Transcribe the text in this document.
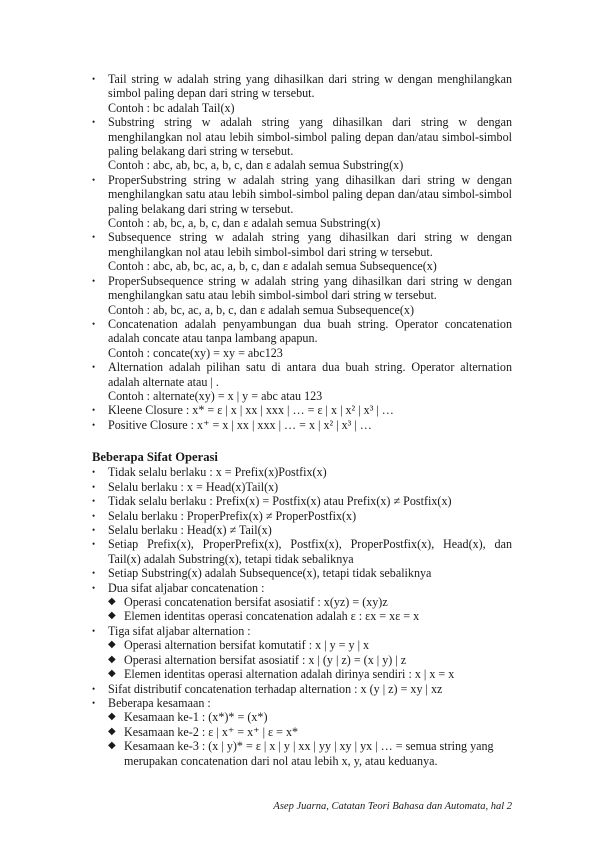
•	Tail string w adalah string yang dihasilkan dari string w dengan menghilangkan simbol paling depan dari string w tersebut.
Contoh : bc adalah Tail(x)
•	Substring string w adalah string yang dihasilkan dari string w dengan menghilangkan nol atau lebih simbol-simbol paling depan dan/atau simbol-simbol paling belakang dari string w tersebut.
Contoh : abc, ab, bc, a, b, c, dan ε adalah semua Substring(x)
•	ProperSubstring string w adalah string yang dihasilkan dari string w dengan menghilangkan satu atau lebih simbol-simbol paling depan dan/atau simbol-simbol paling belakang dari string w tersebut.
Contoh : ab, bc, a, b, c, dan ε adalah semua Substring(x)
•	Subsequence string w adalah string yang dihasilkan dari string w dengan menghilangkan nol atau lebih simbol-simbol dari string w tersebut.
Contoh : abc, ab, bc, ac, a, b, c, dan ε adalah semua Subsequence(x)
•	ProperSubsequence string w adalah string yang dihasilkan dari string w dengan menghilangkan satu atau lebih simbol-simbol dari string w tersebut.
Contoh : ab, bc, ac, a, b, c, dan ε adalah semua Subsequence(x)
•	Concatenation adalah penyambungan dua buah string. Operator concatenation adalah concate atau tanpa lambang apapun.
Contoh : concate(xy) = xy = abc123
•	Alternation adalah pilihan satu di antara dua buah string. Operator alternation adalah alternate atau | .
Contoh : alternate(xy) = x | y = abc atau 123
•	Kleene Closure : x* = ε | x | xx | xxx | … = ε | x | x² | x³ | …
•	Positive Closure : x⁺ = x | xx | xxx | … = x | x² | x³ | …
Beberapa Sifat Operasi
•	Tidak selalu berlaku : x = Prefix(x)Postfix(x)
•	Selalu berlaku : x = Head(x)Tail(x)
•	Tidak selalu berlaku : Prefix(x) = Postfix(x) atau Prefix(x) ≠ Postfix(x)
•	Selalu berlaku : ProperPrefix(x) ≠ ProperPostfix(x)
•	Selalu berlaku : Head(x) ≠ Tail(x)
•	Setiap Prefix(x), ProperPrefix(x), Postfix(x), ProperPostfix(x), Head(x), dan Tail(x) adalah Substring(x), tetapi tidak sebaliknya
•	Setiap Substring(x) adalah Subsequence(x), tetapi tidak sebaliknya
•	Dua sifat aljabar concatenation :
◆ Operasi concatenation bersifat asosiatif : x(yz) = (xy)z
◆ Elemen identitas operasi concatenation adalah ε : εx = xε = x
•	Tiga sifat aljabar alternation :
◆ Operasi alternation bersifat komutatif : x | y = y | x
◆ Operasi alternation bersifat asosiatif : x | (y | z) = (x | y) | z
◆ Elemen identitas operasi alternation adalah dirinya sendiri : x | x = x
•	Sifat distributif concatenation terhadap alternation : x (y | z) = xy | xz
•	Beberapa kesamaan :
◆ Kesamaan ke-1 : (x*)* = (x*)
◆ Kesamaan ke-2 : ε | x⁺ = x⁺ | ε = x*
◆ Kesamaan ke-3 : (x | y)* = ε | x | y | xx | yy | xy | yx | … = semua string yang merupakan concatenation dari nol atau lebih x, y, atau keduanya.
Asep Juarna, Catatan Teori Bahasa dan Automata, hal 2
